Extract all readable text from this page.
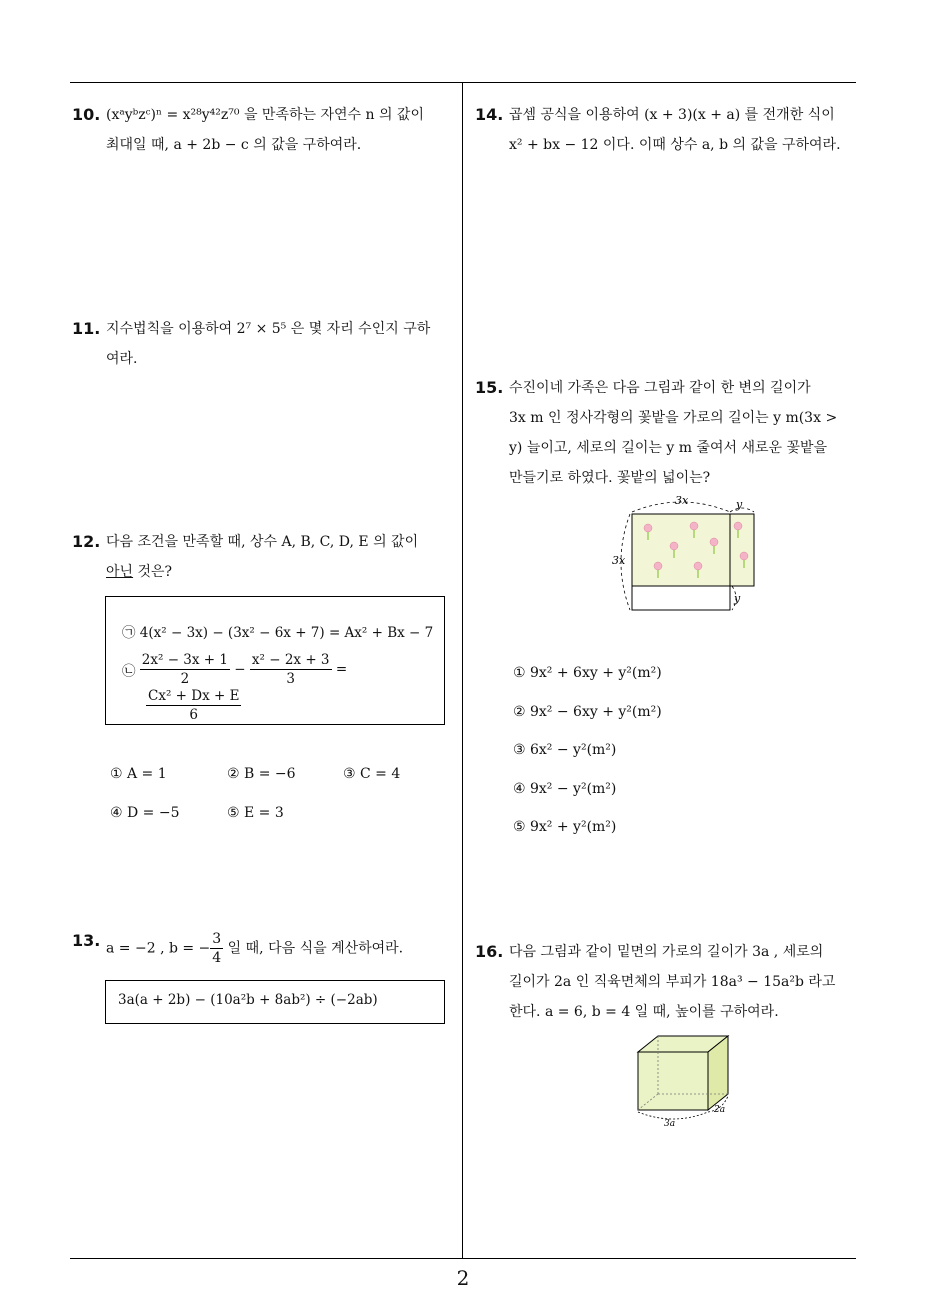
10. (xᵃyᵇzᶜ)ⁿ = x²⁸y⁴²z⁷⁰ 을 만족하는 자연수 n 의 값이
최대일 때, a + 2b − c 의 값을 구하여라.
11. 지수법칙을 이용하여 2⁷ × 5⁵ 은 몇 자리 수인지 구하
여라.
12. 다음 조건을 만족할 때, 상수 A, B, C, D, E 의 값이
아닌 것은?
㉠ 4(x² − 3x) − (3x² − 6x + 7) = Ax² + Bx − 7
㉡ $\frac{\text{2x² − 3x + 1}}{2} - \frac{\text{x² − 2x + 3}}{3}$ =
$\frac{\text{Cx² + Dx + E}}{6}$
① A = 1	② B = −6	③ C = 4
④ D = −5	⑤ E = 3
13. a = −2 , b = − $\frac{3}{4}$ 일 때, 다음 식을 계산하여라.
3a(a + 2b) − (10a²b + 8ab²) ÷ (−2ab)
14. 곱셈 공식을 이용하여 (x + 3)(x + a) 를 전개한 식이
x² + bx − 12 이다. 이때 상수 a, b 의 값을 구하여라.
15. 수진이네 가족은 다음 그림과 같이 한 변의 길이가
3x m 인 정사각형의 꽃밭을 가로의 길이는 y m(3x >
y) 늘이고, 세로의 길이는 y m 줄여서 새로운 꽃밭을
만들기로 하였다. 꽃밭의 넓이는?
3x	y
3x
y
① 9x² + 6xy + y²(m²)
② 9x² − 6xy + y²(m²)
③ 6x² − y²(m²)
④ 9x² − y²(m²)
⑤ 9x² + y²(m²)
16. 다음 그림과 같이 밑면의 가로의 길이가 3a , 세로의
길이가 2a 인 직육면체의 부피가 18a³ − 15a²b 라고
한다. a = 6, b = 4 일 때, 높이를 구하여라.
3a
2a
2
